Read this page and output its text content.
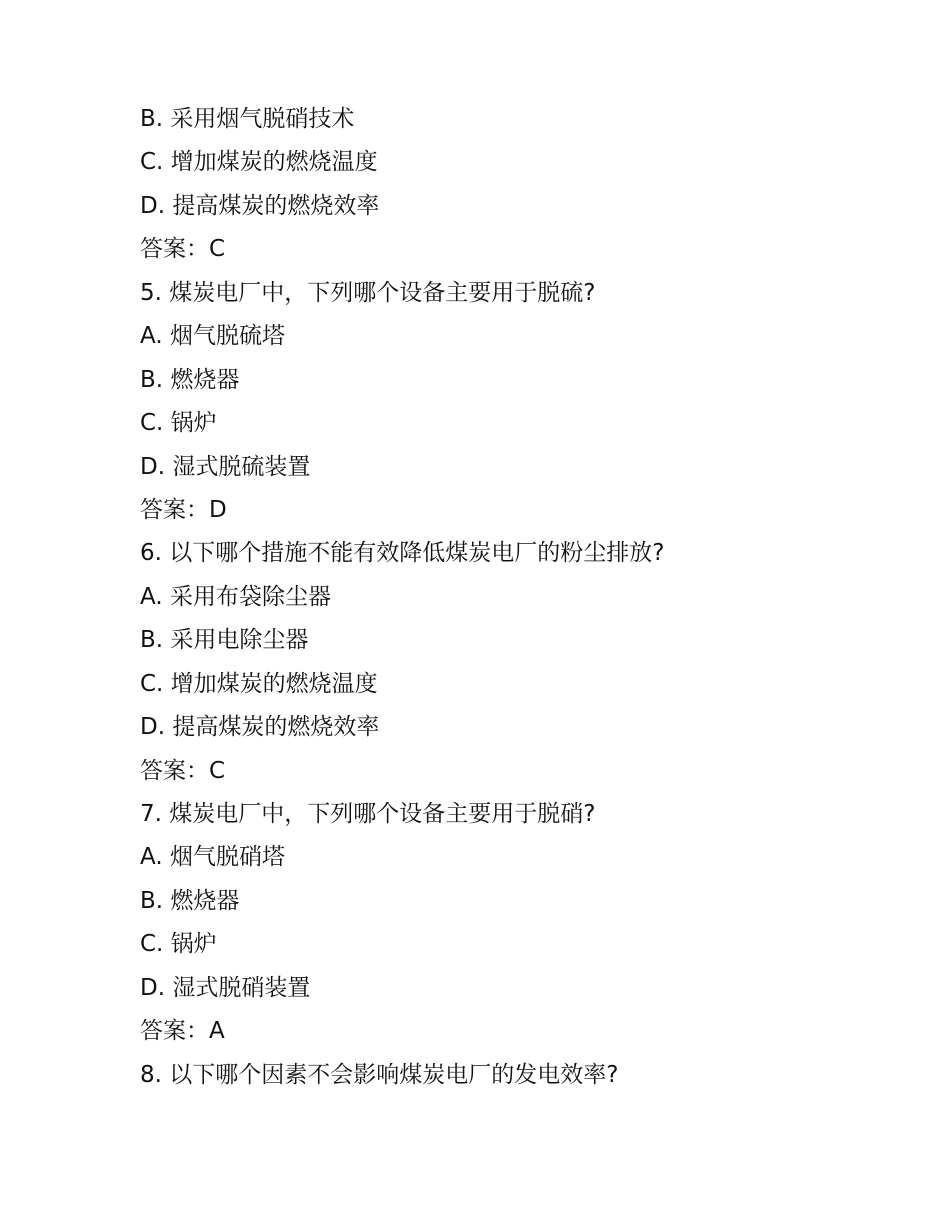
B. 采用烟气脱硝技术
C. 增加煤炭的燃烧温度
D. 提高煤炭的燃烧效率
答案：C
5. 煤炭电厂中，下列哪个设备主要用于脱硫?
A. 烟气脱硫塔
B. 燃烧器
C. 锅炉
D. 湿式脱硫装置
答案：D
6. 以下哪个措施不能有效降低煤炭电厂的粉尘排放?
A. 采用布袋除尘器
B. 采用电除尘器
C. 增加煤炭的燃烧温度
D. 提高煤炭的燃烧效率
答案：C
7. 煤炭电厂中，下列哪个设备主要用于脱硝?
A. 烟气脱硝塔
B. 燃烧器
C. 锅炉
D. 湿式脱硝装置
答案：A
8. 以下哪个因素不会影响煤炭电厂的发电效率?
